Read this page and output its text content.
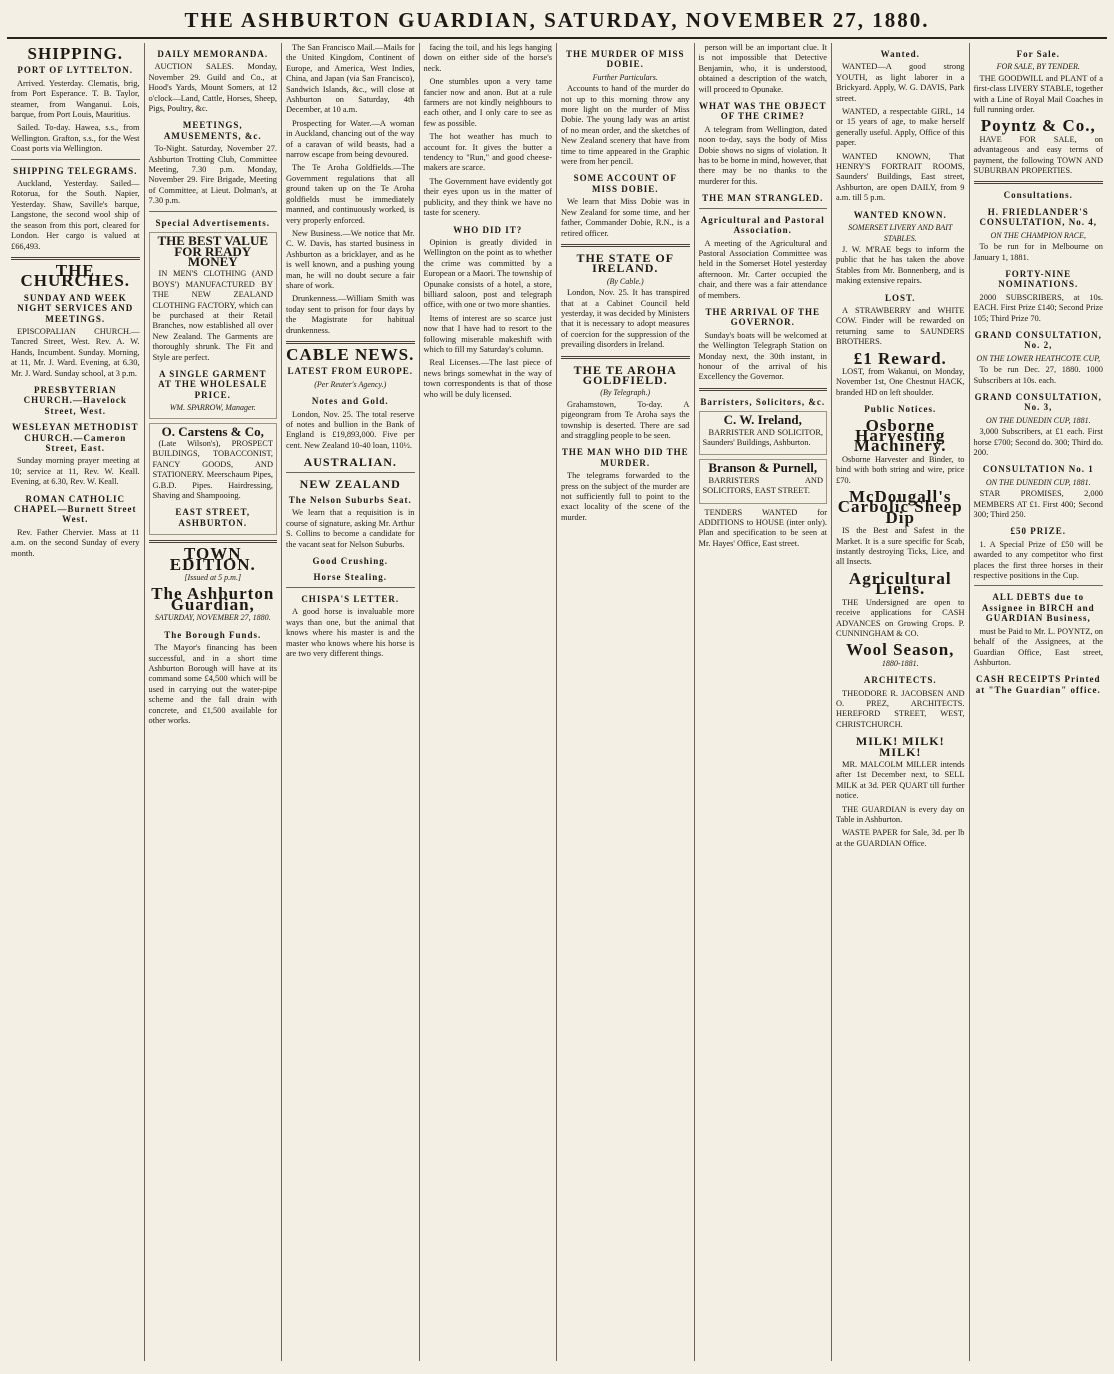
THE ASHBURTON GUARDIAN, SATURDAY, NOVEMBER 27, 1880.
SHIPPING.
PORT OF LYTTELTON.

Arrived. Yesterday. Clematis, brig, from Port Esperance. T. B. Taylor, steamer, from Wanganui. Lois, barque, from Port Louis, Mauritius.

Sailed. To-day. Hawea, s.s., from Wellington. Grafton, s.s., for the West Coast ports via Wellington.

SHIPPING TELEGRAMS.

Auckland, Yesterday. Sailed—Rotorua, for the South. Napier, Yesterday. Shaw, Saville's barque, Langstone, the second wool ship of the season from this port, cleared for London. Her cargo is valued at £66,493.

THE CHURCHES.
SUNDAY AND WEEK NIGHT SERVICES AND MEETINGS.

EPISCOPALIAN CHURCH.—Tancred Street, West. Rev. A. W. Hands, Incumbent. Sunday. Morning, at 11, Mr. J. Ward. Evening, at 6.30, Mr. J. Ward. Sunday school, at 3 p.m.

PRESBYTERIAN CHURCH.—Havelock Street, West.
WESLEYAN METHODIST CHURCH.—Cameron Street, East.

Sunday morning prayer meeting at 10; service at 11, Rev. W. Keall. Evening, at 6.30, Rev. W. Keall.

ROMAN CATHOLIC CHAPEL—Burnett Street West.

Rev. Father Chervier. Mass at 11 a.m. on the second Sunday of every month.

DAILY MEMORANDA.

AUCTION SALES. Monday, November 29. Guild and Co., at Hood's Yards, Mount Somers, at 12 o'clock—Land, Cattle, Horses, Sheep, Pigs, Poultry, &c.

MEETINGS, AMUSEMENTS, &c.

To-Night. Saturday, November 27. Ashburton Trotting Club, Committee Meeting, 7.30 p.m. Monday, November 29. Fire Brigade, Meeting of Committee, at Lieut. Dolman's, at 7.30 p.m.

Special Advertisements.
THE BEST VALUE FOR READY MONEY

IN MEN'S CLOTHING (AND BOYS') MANUFACTURED BY THE NEW ZEALAND CLOTHING FACTORY, which can be purchased at their Retail Branches, now established all over New Zealand. The Garments are thoroughly shrunk. The Fit and Style are perfect.

A SINGLE GARMENT AT THE WHOLESALE PRICE.
WM. SPARROW, Manager.
O. Carstens & Co,

(Late Wilson's), PROSPECT BUILDINGS, TOBACCONIST, FANCY GOODS, AND STATIONERY. Meerschaum Pipes, G.B.D. Pipes. Hairdressing, Shaving and Shampooing.

EAST STREET, ASHBURTON.
TOWN EDITION.
[Issued at 5 p.m.]
The Ashburton Guardian,
SATURDAY, NOVEMBER 27, 1880.
The Borough Funds.

The Mayor's financing has been successful, and in a short time Ashburton Borough will have at its command some £4,500 which will be used in carrying out the water-pipe scheme and the fall drain with concrete, and £1,500 available for other works.

The San Francisco Mail.—Mails for the United Kingdom, Continent of Europe, and America, West Indies, China, and Japan (via San Francisco), Sandwich Islands, &c., will close at Ashburton on Saturday, 4th December, at 10 a.m.

Prospecting for Water.—A woman in Auckland, chancing out of the way of a caravan of wild beasts, had a narrow escape from being devoured.

The Te Aroha Goldfields.—The Government regulations that all ground taken up on the Te Aroha goldfields must be immediately manned, and continuously worked, is very properly enforced.

New Business.—We notice that Mr. C. W. Davis, has started business in Ashburton as a bricklayer, and as he is well known, and a pushing young man, he will no doubt secure a fair share of work.

Drunkenness.—William Smith was today sent to prison for four days by the Magistrate for habitual drunkenness.

CABLE NEWS.
LATEST FROM EUROPE.
(Per Reuter's Agency.)
Notes and Gold.

London, Nov. 25. The total reserve of notes and bullion in the Bank of England is £19,893,000. Five per cent. New Zealand 10-40 loan, 110½.

AUSTRALIAN.
NEW ZEALAND
The Nelson Suburbs Seat.

We learn that a requisition is in course of signature, asking Mr. Arthur S. Collins to become a candidate for the vacant seat for Nelson Suburbs.

Good Crushing.
Horse Stealing.
CHISPA'S LETTER.

A good horse is invaluable more ways than one, but the animal that knows where his master is and the master who knows where his horse is are two very different things.

facing the toil, and his legs hanging down on either side of the horse's neck.

One stumbles upon a very tame fancier now and anon. But at a rule farmers are not kindly neighbours to each other, and I only care to see as few as possible.

The hot weather has much to account for. It gives the butter a tendency to "Run," and good cheese-makers are scarce.

The Government have evidently got their eyes upon us in the matter of publicity, and they think we have no taste for scenery.

WHO DID IT?

Opinion is greatly divided in Wellington on the point as to whether the crime was committed by a European or a Maori. The township of Opunake consists of a hotel, a store, billiard saloon, post and telegraph office, with one or two more shanties.

Items of interest are so scarce just now that I have had to resort to the following miserable makeshift with which to fill my Saturday's column.

Real Licenses.—The last piece of news brings somewhat in the way of town correspondents is that of those who will be duly licensed.

THE MURDER OF MISS DOBIE.
Further Particulars.

Accounts to hand of the murder do not up to this morning throw any more light on the murder of Miss Dobie. The young lady was an artist of no mean order, and the sketches of New Zealand scenery that have from time to time appeared in the Graphic were from her pencil.

SOME ACCOUNT OF MISS DOBIE.

We learn that Miss Dobie was in New Zealand for some time, and her father, Commander Dobie, R.N., is a retired officer.

THE STATE OF IRELAND.
(By Cable.)

London, Nov. 25. It has transpired that at a Cabinet Council held yesterday, it was decided by Ministers that it is necessary to adopt measures of coercion for the suppression of the prevailing disorders in Ireland.

THE TE AROHA GOLDFIELD.
(By Telegraph.)

Grahamstown, To-day. A pigeongram from Te Aroha says the township is deserted. There are sad and straggling people to be seen.

THE MAN WHO DID THE MURDER.

The telegrams forwarded to the press on the subject of the murder are not sufficiently full to point to the exact locality of the scene of the murder.

person will be an important clue. It is not impossible that Detective Benjamin, who, it is understood, obtained a description of the watch, will proceed to Opunake.

WHAT WAS THE OBJECT OF THE CRIME?

A telegram from Wellington, dated noon to-day, says the body of Miss Dobie shows no signs of violation. It has to be borne in mind, however, that there may be no thanks to the murderer for this.

THE MAN STRANGLED.
Agricultural and Pastoral Association.

A meeting of the Agricultural and Pastoral Association Committee was held in the Somerset Hotel yesterday afternoon. Mr. Carter occupied the chair, and there was a fair attendance of members.

THE ARRIVAL OF THE GOVERNOR.

Sunday's boats will be welcomed at the Wellington Telegraph Station on Monday next, the 30th instant, in honour of the arrival of his Excellency the Governor.

Barristers, Solicitors, &c.
C. W. Ireland,

BARRISTER AND SOLICITOR, Saunders' Buildings, Ashburton.

Branson & Purnell,

BARRISTERS AND SOLICITORS, EAST STREET.

TENDERS WANTED for ADDITIONS to HOUSE (inter only). Plan and specification to be seen at Mr. Hayes' Office, East street.

Wanted.

WANTED—A good strong YOUTH, as light laborer in a Brickyard. Apply, W. G. DAVIS, Park street.

WANTED, a respectable GIRL, 14 or 15 years of age, to make herself generally useful. Apply, Office of this paper.

WANTED KNOWN, That HENRY'S FORTRAIT ROOMS, Saunders' Buildings, East street, Ashburton, are open DAILY, from 9 a.m. till 5 p.m.

WANTED KNOWN.
SOMERSET LIVERY AND BAIT STABLES.

J. W. M'RAE begs to inform the public that he has taken the above Stables from Mr. Bonnenberg, and is making extensive repairs.

LOST.

A STRAWBERRY and WHITE COW. Finder will be rewarded on returning same to SAUNDERS BROTHERS.

£1 Reward.

LOST, from Wakanui, on Monday, November 1st, One Chestnut HACK, branded HD on left shoulder.

Public Notices.
Osborne Harvesting Machinery.

Osborne Harvester and Binder, to bind with both string and wire, price £70.

McDougall's Carbolic Sheep Dip

IS the Best and Safest in the Market. It is a sure specific for Scab, instantly destroying Ticks, Lice, and all Insects.

Agricultural Liens.

THE Undersigned are open to receive applications for CASH ADVANCES on Growing Crops. P. CUNNINGHAM & CO.

Wool Season,
1880-1881.
ARCHITECTS.

THEODORE R. JACOBSEN AND O. PREZ, ARCHITECTS. HEREFORD STREET, WEST, CHRISTCHURCH.

MILK! MILK! MILK!

MR. MALCOLM MILLER intends after 1st December next, to SELL MILK at 3d. PER QUART till further notice.

THE GUARDIAN is every day on Table in Ashburton.

WASTE PAPER for Sale, 3d. per lb at the GUARDIAN Office.

For Sale.
FOR SALE, BY TENDER.

THE GOODWILL and PLANT of a first-class LIVERY STABLE, together with a Line of Royal Mail Coaches in full running order.

Poyntz & Co.,

HAVE FOR SALE, on advantageous and easy terms of payment, the following TOWN AND SUBURBAN PROPERTIES.

Consultations.
H. FRIEDLANDER'S CONSULTATION, No. 4,
ON THE CHAMPION RACE,

To be run for in Melbourne on January 1, 1881.

FORTY-NINE NOMINATIONS.

2000 SUBSCRIBERS, at 10s. EACH. First Prize £140; Second Prize 105; Third Prize 70.

GRAND CONSULTATION, No. 2,
ON THE LOWER HEATHCOTE CUP,

To be run Dec. 27, 1880. 1000 Subscribers at 10s. each.

GRAND CONSULTATION, No. 3,
ON THE DUNEDIN CUP, 1881.

3,000 Subscribers, at £1 each. First horse £700; Second do. 300; Third do. 200.

CONSULTATION No. 1
ON THE DUNEDIN CUP, 1881.

STAR PROMISES, 2,000 MEMBERS AT £1. First 400; Second 300; Third 250.

£50 PRIZE.

1. A Special Prize of £50 will be awarded to any competitor who first places the first three horses in their respective positions in the Cup.

ALL DEBTS due to Assignee in BIRCH and GUARDIAN Business,

must be Paid to Mr. L. POYNTZ, on behalf of the Assignees, at the Guardian Office, East street, Ashburton.

CASH RECEIPTS Printed at "The Guardian" office.
